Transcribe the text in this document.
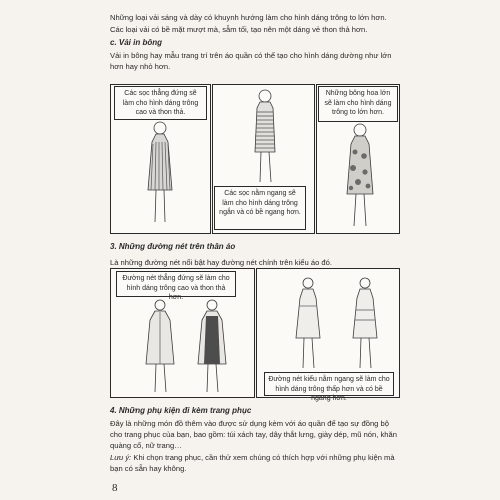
Những loại vải sáng và dày có khuynh hướng làm cho hình dáng trông to lớn hơn.

Các loại vải có bề mặt mượt mà, sẫm tối, tạo nên một dáng vẻ thon thả hơn.

c. Vải in bông

Vải in bông hay mẫu trang trí trên áo quần có thể tạo cho hình dáng dường như lớn hơn hay nhỏ hơn.

Các sọc thẳng đứng sẽ làm cho hình dáng trông cao và thon thả.
Các sọc nằm ngang sẽ làm cho hình dáng trông ngắn và có bề ngang hơn.
Những bông hoa lớn sẽ làm cho hình dáng trông to lớn hơn.

3. Những đường nét trên thân áo

Là những đường nét nổi bật hay đường nét chính trên kiểu áo đó.

Đường nét thẳng đứng sẽ làm cho hình dáng trông cao và thon thả hơn.
Đường nét kiểu nằm ngang sẽ làm cho hình dáng trông thấp hơn và có bề ngang hơn.

4. Những phụ kiện đi kèm trang phục

Đây là những món đồ thêm vào được sử dụng kèm với áo quần để tạo sự đồng bộ cho trang phục của bạn, bao gồm: túi xách tay, dây thắt lưng, giày dép, mũ nón, khăn quàng cổ, nữ trang…

Lưu ý: Khi chọn trang phục, cần thử xem chúng có thích hợp với những phụ kiện mà bạn có sẵn hay không.

8
